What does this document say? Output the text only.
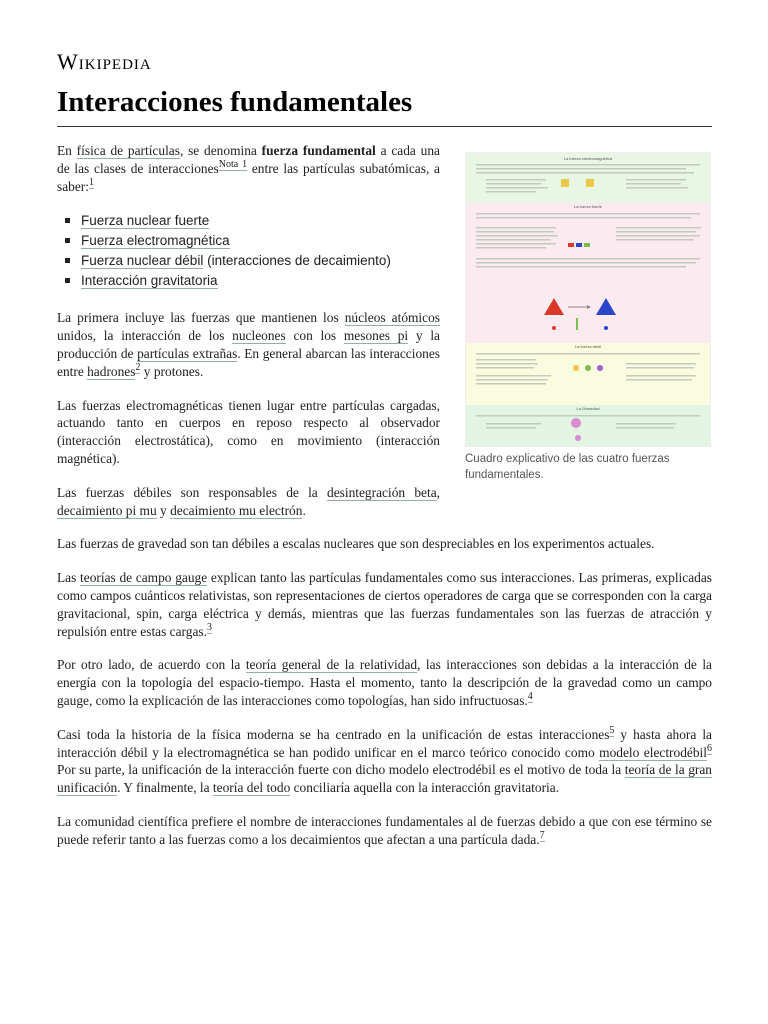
Wikipedia
Interacciones fundamentales

En física de partículas, se denomina fuerza fundamental a cada una de las clases de interacciones$^{Nota 1}$ entre las partículas subatómicas, a saber:$^1$

Fuerza nuclear fuerte
Fuerza electromagnética
Fuerza nuclear débil (interacciones de decaimiento)
Interacción gravitatoria

La primera incluye las fuerzas que mantienen los núcleos atómicos unidos, la interacción de los nucleones con los mesones pi y la producción de partículas extrañas. En general abarcan las interacciones entre hadrones$^2$ y protones.

Las fuerzas electromagnéticas tienen lugar entre partículas cargadas, actuando tanto en cuerpos en reposo respecto al observador (interacción electrostática), como en movimiento (interacción magnética).

Las fuerzas débiles son responsables de la desintegración beta, decaimiento pi mu y decaimiento mu electrón.

Las fuerzas de gravedad son tan débiles a escalas nucleares que son despreciables en los experimentos actuales.

Las teorías de campo gauge explican tanto las partículas fundamentales como sus interacciones. Las primeras, explicadas como campos cuánticos relativistas, son representaciones de ciertos operadores de carga que se corresponden con la carga gravitacional, spin, carga eléctrica y demás, mientras que las fuerzas fundamentales son las fuerzas de atracción y repulsión entre estas cargas.$^3$

Por otro lado, de acuerdo con la teoría general de la relatividad, las interacciones son debidas a la interacción de la energía con la topología del espacio-tiempo. Hasta el momento, tanto la descripción de la gravedad como un campo gauge, como la explicación de las interacciones como topologías, han sido infructuosas.$^4$

Casi toda la historia de la física moderna se ha centrado en la unificación de estas interacciones$^5$ y hasta ahora la interacción débil y la electromagnética se han podido unificar en el marco teórico conocido como modelo electrodébil$^6$ Por su parte, la unificación de la interacción fuerte con dicho modelo electrodébil es el motivo de toda la teoría de la gran unificación. Y finalmente, la teoría del todo conciliaría aquella con la interacción gravitatoria.

La comunidad científica prefiere el nombre de interacciones fundamentales al de fuerzas debido a que con ese término se puede referir tanto a las fuerzas como a los decaimientos que afectan a una partícula dada.$^7$

La fuerza electromagnética
La fuerza fuerte
La fuerza débil
La Gravedad
Cuadro explicativo de las cuatro fuerzas fundamentales.
